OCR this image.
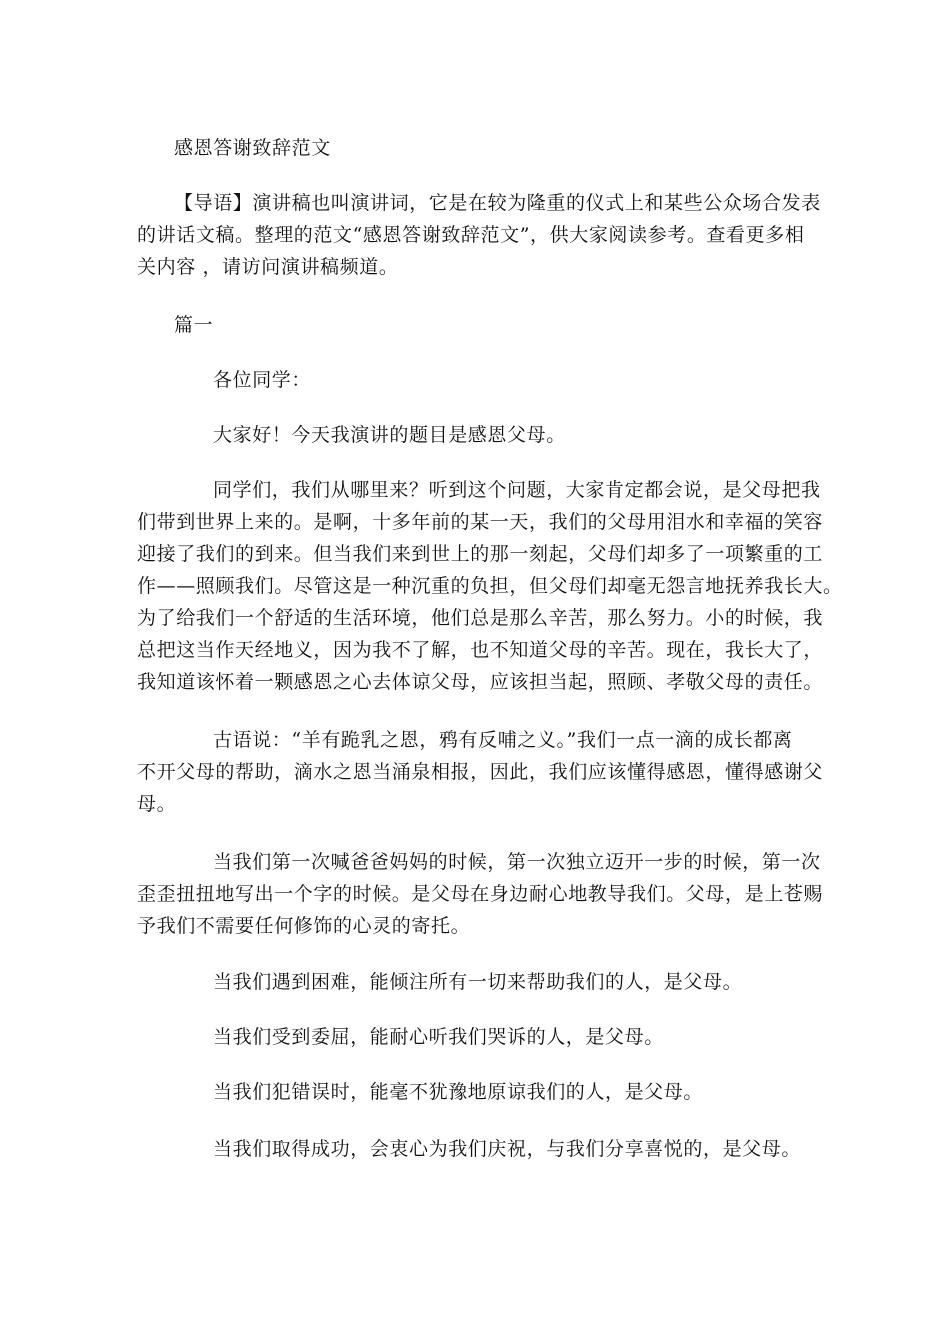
感恩答谢致辞范文
【导语】演讲稿也叫演讲词，它是在较为隆重的仪式上和某些公众场合发表
的讲话文稿。整理的范文“感恩答谢致辞范文”，供大家阅读参考。查看更多相
关内容 ，请访问演讲稿频道。
篇一
各位同学：
大家好！今天我演讲的题目是感恩父母。
同学们，我们从哪里来？听到这个问题，大家肯定都会说，是父母把我
们带到世界上来的。是啊，十多年前的某一天，我们的父母用泪水和幸福的笑容
迎接了我们的到来。但当我们来到世上的那一刻起，父母们却多了一项繁重的工
作——照顾我们。尽管这是一种沉重的负担，但父母们却毫无怨言地抚养我长大。
为了给我们一个舒适的生活环境，他们总是那么辛苦，那么努力。小的时候，我
总把这当作天经地义，因为我不了解，也不知道父母的辛苦。现在，我长大了，
我知道该怀着一颗感恩之心去体谅父母，应该担当起，照顾、孝敬父母的责任。
古语说：“羊有跪乳之恩，鸦有反哺之义。”我们一点一滴的成长都离
不开父母的帮助，滴水之恩当涌泉相报，因此，我们应该懂得感恩，懂得感谢父
母。
当我们第一次喊爸爸妈妈的时候，第一次独立迈开一步的时候，第一次
歪歪扭扭地写出一个字的时候。是父母在身边耐心地教导我们。父母，是上苍赐
予我们不需要任何修饰的心灵的寄托。
当我们遇到困难，能倾注所有一切来帮助我们的人，是父母。
当我们受到委屈，能耐心听我们哭诉的人，是父母。
当我们犯错误时，能毫不犹豫地原谅我们的人，是父母。
当我们取得成功，会衷心为我们庆祝，与我们分享喜悦的，是父母。
